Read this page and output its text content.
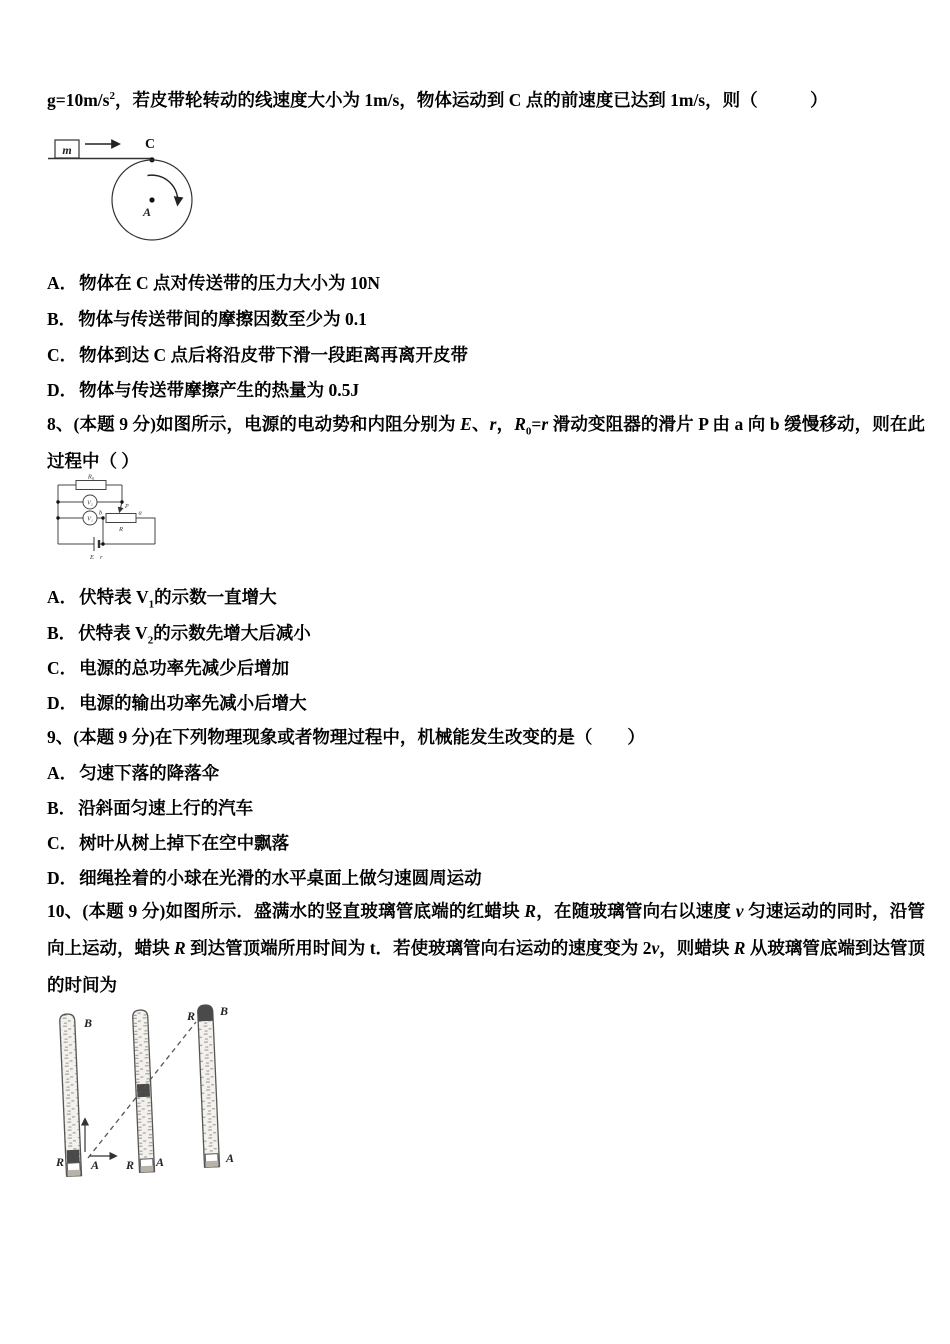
$g=10m/s^2$，若皮带轮转动的线速度大小为 1m/s，物体运动到 C 点的前速度已达到 1m/s，则（　　　）

m	C
A

A． 物体在 C 点对传送带的压力大小为 10N

B． 物体与传送带间的摩擦因数至少为 0.1

C． 物体到达 C 点后将沿皮带下滑一段距离再离开皮带

D． 物体与传送带摩擦产生的热量为 0.5J

8、(本题 9 分)如图所示，电源的电动势和内阻分别为 E、r，$R_0=r$ 滑动变阻器的滑片 P 由 a 向 b 缓慢移动，则在此过程中（ ）

R₀
V₂
V₁
P
b	a
R
E r

A． 伏特表 $V_1$的示数一直增大

B． 伏特表 $V_2$的示数先增大后减小

C． 电源的总功率先减少后增加

D． 电源的输出功率先减小后增大

9、(本题 9 分)在下列物理现象或者物理过程中，机械能发生改变的是（　　）

A． 匀速下落的降落伞

B． 沿斜面匀速上行的汽车

C． 树叶从树上掉下在空中飘落

D． 细绳拴着的小球在光滑的水平桌面上做匀速圆周运动

10、(本题 9 分)如图所示．盛满水的竖直玻璃管底端的红蜡块 R，在随玻璃管向右以速度 v 匀速运动的同时，沿管向上运动，蜡块 R 到达管顶端所用时间为 t．若使玻璃管向右运动的速度变为 2v，则蜡块 R 从玻璃管底端到达管顶的时间为

B
R A R A
R B
A
